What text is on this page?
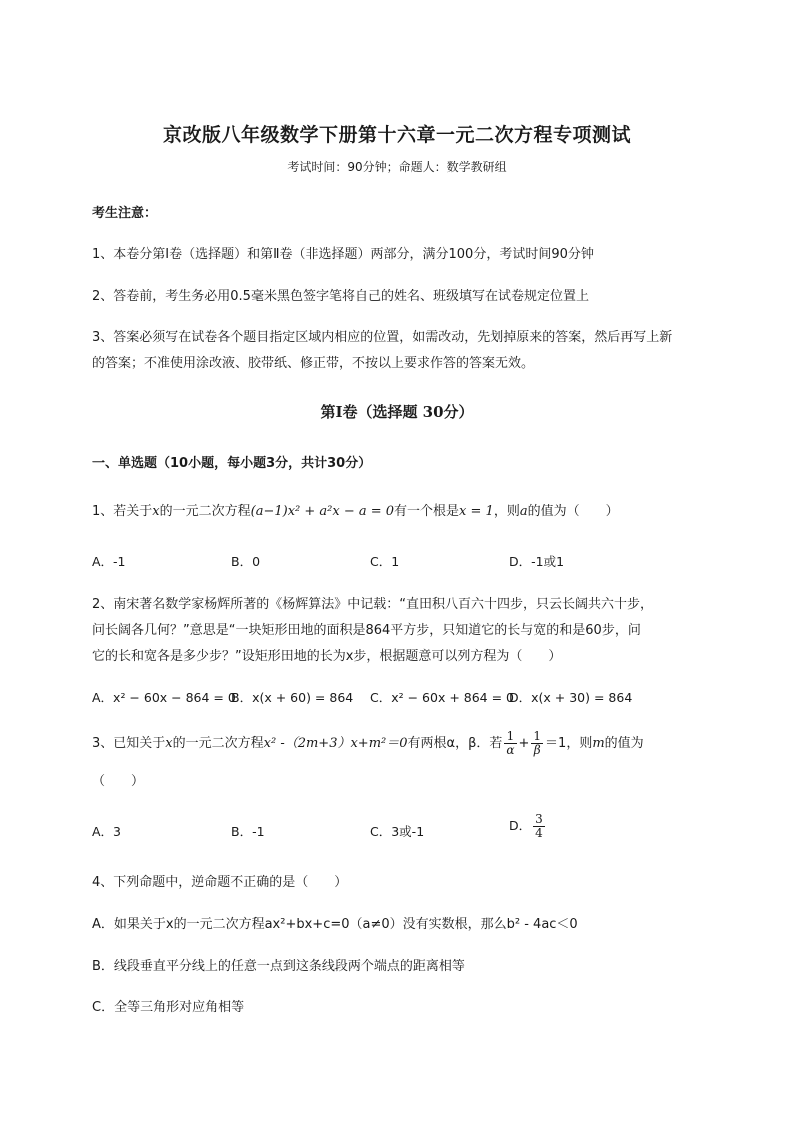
京改版八年级数学下册第十六章一元二次方程专项测试
考试时间：90分钟；命题人：数学教研组
考生注意：
1、本卷分第I卷（选择题）和第Ⅱ卷（非选择题）两部分，满分100分，考试时间90分钟
2、答卷前，考生务必用0.5毫米黑色签字笔将自己的姓名、班级填写在试卷规定位置上
3、答案必须写在试卷各个题目指定区域内相应的位置，如需改动，先划掉原来的答案，然后再写上新
的答案；不准使用涂改液、胶带纸、修正带，不按以上要求作答的答案无效。
第I卷（选择题 30分）
一、单选题（10小题，每小题3分，共计30分）
1、若关于x的一元二次方程(a−1)x² + a²x − a = 0有一个根是x = 1，则a的值为（　　）
A．-1	B．0	C．1	D．-1或1
2、南宋著名数学家杨辉所著的《杨辉算法》中记载：“直田积八百六十四步，只云长阔共六十步，
问长阔各几何？”意思是“一块矩形田地的面积是864平方步，只知道它的长与宽的和是60步，问
它的长和宽各是多少步？”设矩形田地的长为x步，根据题意可以列方程为（　　）
A．x² − 60x − 864 = 0
B．x(x + 60) = 864 C．x² − 60x + 864 = 0
D．x(x + 30) = 864
3、已知关于x的一元二次方程x² -（2m+3）x+m²＝0有两根α，β．若 $\frac{1}{\alpha} + \frac{1}{\beta} =1$，则m的值为
（　　）
A．3	B．-1	C．3或-1	D． $\frac{3}{4}$
4、下列命题中，逆命题不正确的是（　　）
A．如果关于x的一元二次方程ax²+bx+c=0（a≠0）没有实数根，那么b² - 4ac＜0
B．线段垂直平分线上的任意一点到这条线段两个端点的距离相等
C．全等三角形对应角相等
